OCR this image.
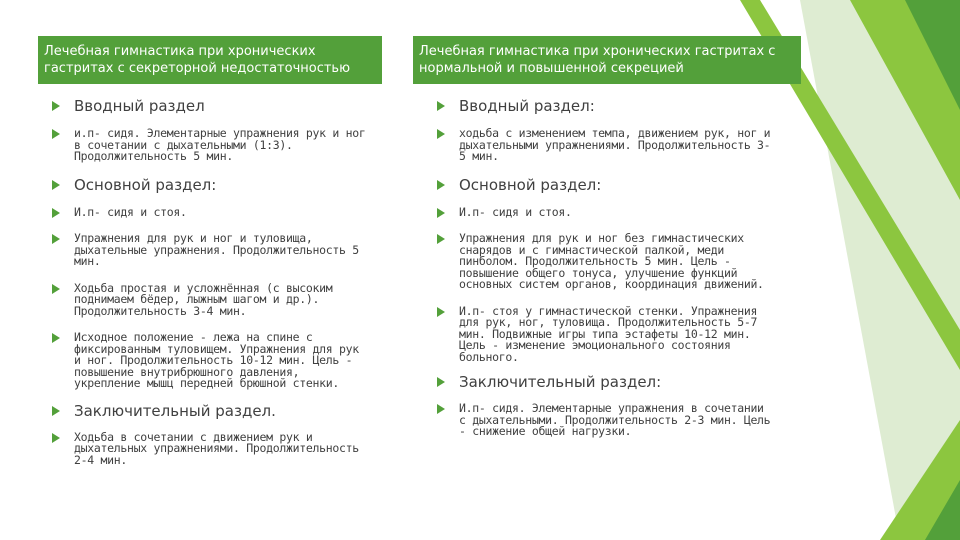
Лечебная гимнастика при хронических гастритах с секреторной недостаточностью
Лечебная гимнастика при хронических гастритах с нормальной и повышенной секрецией
Вводный раздел
и.п- сидя. Элементарные упражнения рук и ног в сочетании с дыхательными (1:3). Продолжительность 5 мин.
Основной раздел:
И.п- сидя и стоя.
Упражнения для рук и ног и туловища, дыхательные упражнения. Продолжительность 5 мин.
Ходьба простая и усложнённая (с высоким поднимаем бёдер, лыжным шагом и др.). Продолжительность 3-4 мин.
Исходное положение - лежа на спине с фиксированным туловищем. Упражнения для рук и ног. Продолжительность 10-12 мин. Цель - повышение внутрибрюшного давления, укрепление мышц передней брюшной стенки.
Заключительный раздел.
Ходьба в сочетании с движением рук и дыхательных упражнениями. Продолжительность 2-4 мин.
Вводный раздел:
ходьба с изменением темпа, движением рук, ног и дыхательными упражнениями. Продолжительность 3-5 мин.
Основной раздел:
И.п- сидя и стоя.
Упражнения для рук и ног без гимнастических снарядов и с гимнастической палкой, меди пинболом. Продолжительность 5 мин. Цель - повышение общего тонуса, улучшение функций основных систем органов, координация движений.
И.п- стоя у гимнастической стенки. Упражнения для рук, ног, туловища. Продолжительность 5-7 мин. Подвижные игры типа эстафеты 10-12 мин. Цель - изменение эмоционального состояния больного.
Заключительный раздел:
И.п- сидя. Элементарные упражнения в сочетании с дыхательными. Продолжительность 2-3 мин. Цель - снижение общей нагрузки.
